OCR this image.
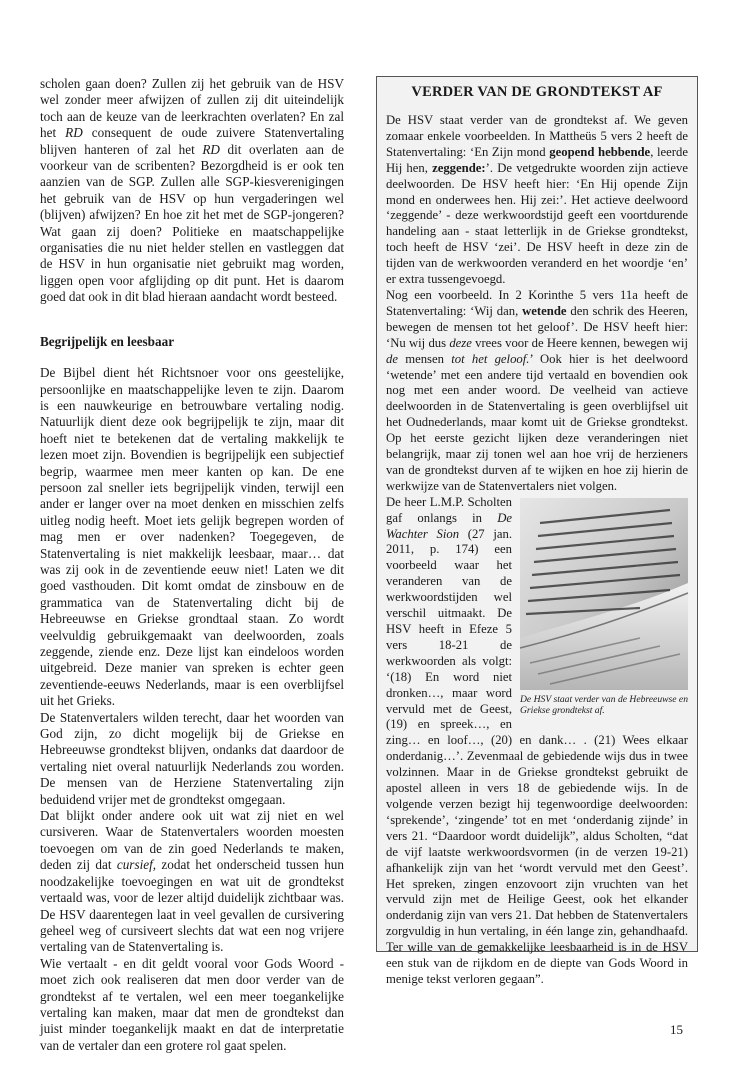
scholen gaan doen? Zullen zij het gebruik van de HSV wel zonder meer afwijzen of zullen zij dit uiteindelijk toch aan de keuze van de leerkrachten overlaten? En zal het RD consequent de oude zuivere Statenvertaling blijven hanteren of zal het RD dit overlaten aan de voorkeur van de scribenten? Bezorgdheid is er ook ten aanzien van de SGP. Zullen alle SGP-kiesverenigingen het gebruik van de HSV op hun vergaderingen wel (blijven) afwijzen? En hoe zit het met de SGP-jongeren? Wat gaan zij doen? Politieke en maatschappelijke organisaties die nu niet helder stellen en vastleggen dat de HSV in hun organisatie niet gebruikt mag worden, liggen open voor afglijding op dit punt. Het is daarom goed dat ook in dit blad hieraan aandacht wordt besteed.

Begrijpelijk en leesbaar

De Bijbel dient hét Richtsnoer voor ons geestelijke, persoonlijke en maatschappelijke leven te zijn. Daarom is een nauwkeurige en betrouwbare vertaling nodig. Natuurlijk dient deze ook begrijpelijk te zijn, maar dit hoeft niet te betekenen dat de vertaling makkelijk te lezen moet zijn. Bovendien is begrijpelijk een subjectief begrip, waarmee men meer kanten op kan. De ene persoon zal sneller iets begrijpelijk vinden, terwijl een ander er langer over na moet denken en misschien zelfs uitleg nodig heeft. Moet iets gelijk begrepen worden of mag men er over nadenken? Toegegeven, de Statenvertaling is niet makkelijk leesbaar, maar… dat was zij ook in de zeventiende eeuw niet! Laten we dit goed vasthouden. Dit komt omdat de zinsbouw en de grammatica van de Statenvertaling dicht bij de Hebreeuwse en Griekse grondtaal staan. Zo wordt veelvuldig gebruikgemaakt van deelwoorden, zoals zeggende, ziende enz. Deze lijst kan eindeloos worden uitgebreid. Deze manier van spreken is echter geen zeventiende-eeuws Nederlands, maar is een overblijfsel uit het Grieks.

De Statenvertalers wilden terecht, daar het woorden van God zijn, zo dicht mogelijk bij de Griekse en Hebreeuwse grondtekst blijven, ondanks dat daardoor de vertaling niet overal natuurlijk Nederlands zou worden. De mensen van de Herziene Statenvertaling zijn beduidend vrijer met de grondtekst omgegaan.

Dat blijkt onder andere ook uit wat zij niet en wel cursiveren. Waar de Statenvertalers woorden moesten toevoegen om van de zin goed Nederlands te maken, deden zij dat cursief, zodat het onderscheid tussen hun noodzakelijke toevoegingen en wat uit de grondtekst vertaald was, voor de lezer altijd duidelijk zichtbaar was. De HSV daarentegen laat in veel gevallen de cursivering geheel weg of cursiveert slechts dat wat een nog vrijere vertaling van de Statenvertaling is.

Wie vertaalt - en dit geldt vooral voor Gods Woord - moet zich ook realiseren dat men door verder van de grondtekst af te vertalen, wel een meer toegankelijke vertaling kan maken, maar dat men de grondtekst dan juist minder toegankelijk maakt en dat de interpretatie van de vertaler dan een grotere rol gaat spelen.

VERDER VAN DE GRONDTEKST AF

De HSV staat verder van de grondtekst af. We geven zomaar enkele voorbeelden. In Mattheüs 5 vers 2 heeft de Statenvertaling: ‘En Zijn mond geopend hebbende, leerde Hij hen, zeggende:’. De vetgedrukte woorden zijn actieve deelwoorden. De HSV heeft hier: ‘En Hij opende Zijn mond en onderwees hen. Hij zei:’. Het actieve deelwoord ‘zeggende’ - deze werkwoordstijd geeft een voortdurende handeling aan - staat letterlijk in de Griekse grondtekst, toch heeft de HSV ‘zei’. De HSV heeft in deze zin de tijden van de werkwoorden veranderd en het woordje ‘en’ er extra tussengevoegd.

Nog een voorbeeld. In 2 Korinthe 5 vers 11a heeft de Statenvertaling: ‘Wij dan, wetende den schrik des Heeren, bewegen de mensen tot het geloof’. De HSV heeft hier: ‘Nu wij dus deze vrees voor de Heere kennen, bewegen wij de mensen tot het geloof.’ Ook hier is het deelwoord ‘wetende’ met een andere tijd vertaald en bovendien ook nog met een ander woord. De veelheid van actieve deelwoorden in de Statenvertaling is geen overblijfsel uit het Oudnederlands, maar komt uit de Griekse grondtekst. Op het eerste gezicht lijken deze veranderingen niet belangrijk, maar zij tonen wel aan hoe vrij de herzieners van de grondtekst durven af te wijken en hoe zij hierin de werkwijze van de Statenvertalers niet volgen.

De HSV staat verder van de Hebreeuwse en Griekse grondtekst af.

De heer L.M.P. Scholten gaf onlangs in De Wachter Sion (27 jan. 2011, p. 174) een voorbeeld waar het veranderen van de werkwoordstijden wel verschil uitmaakt. De HSV heeft in Efeze 5 vers 18-21 de werkwoorden als volgt: ‘(18) En word niet dronken…, maar word vervuld met de Geest, (19) en spreek…, en zing… en loof…, (20) en dank… . (21) Wees elkaar onderdanig…’. Zevenmaal de gebiedende wijs dus in twee volzinnen. Maar in de Griekse grondtekst gebruikt de apostel alleen in vers 18 de gebiedende wijs. In de volgende verzen bezigt hij tegenwoordige deelwoorden: ‘sprekende’, ‘zingende’ tot en met ‘onderdanig zijnde’ in vers 21. “Daardoor wordt duidelijk”, aldus Scholten, “dat de vijf laatste werkwoordsvormen (in de verzen 19-21) afhankelijk zijn van het ‘wordt vervuld met den Geest’. Het spreken, zingen enzovoort zijn vruchten van het vervuld zijn met de Heilige Geest, ook het elkander onderdanig zijn van vers 21. Dat hebben de Statenvertalers zorgvuldig in hun vertaling, in één lange zin, gehandhaafd. Ter wille van de gemakkelijke leesbaarheid is in de HSV een stuk van de rijkdom en de diepte van Gods Woord in menige tekst verloren gegaan”.

15
